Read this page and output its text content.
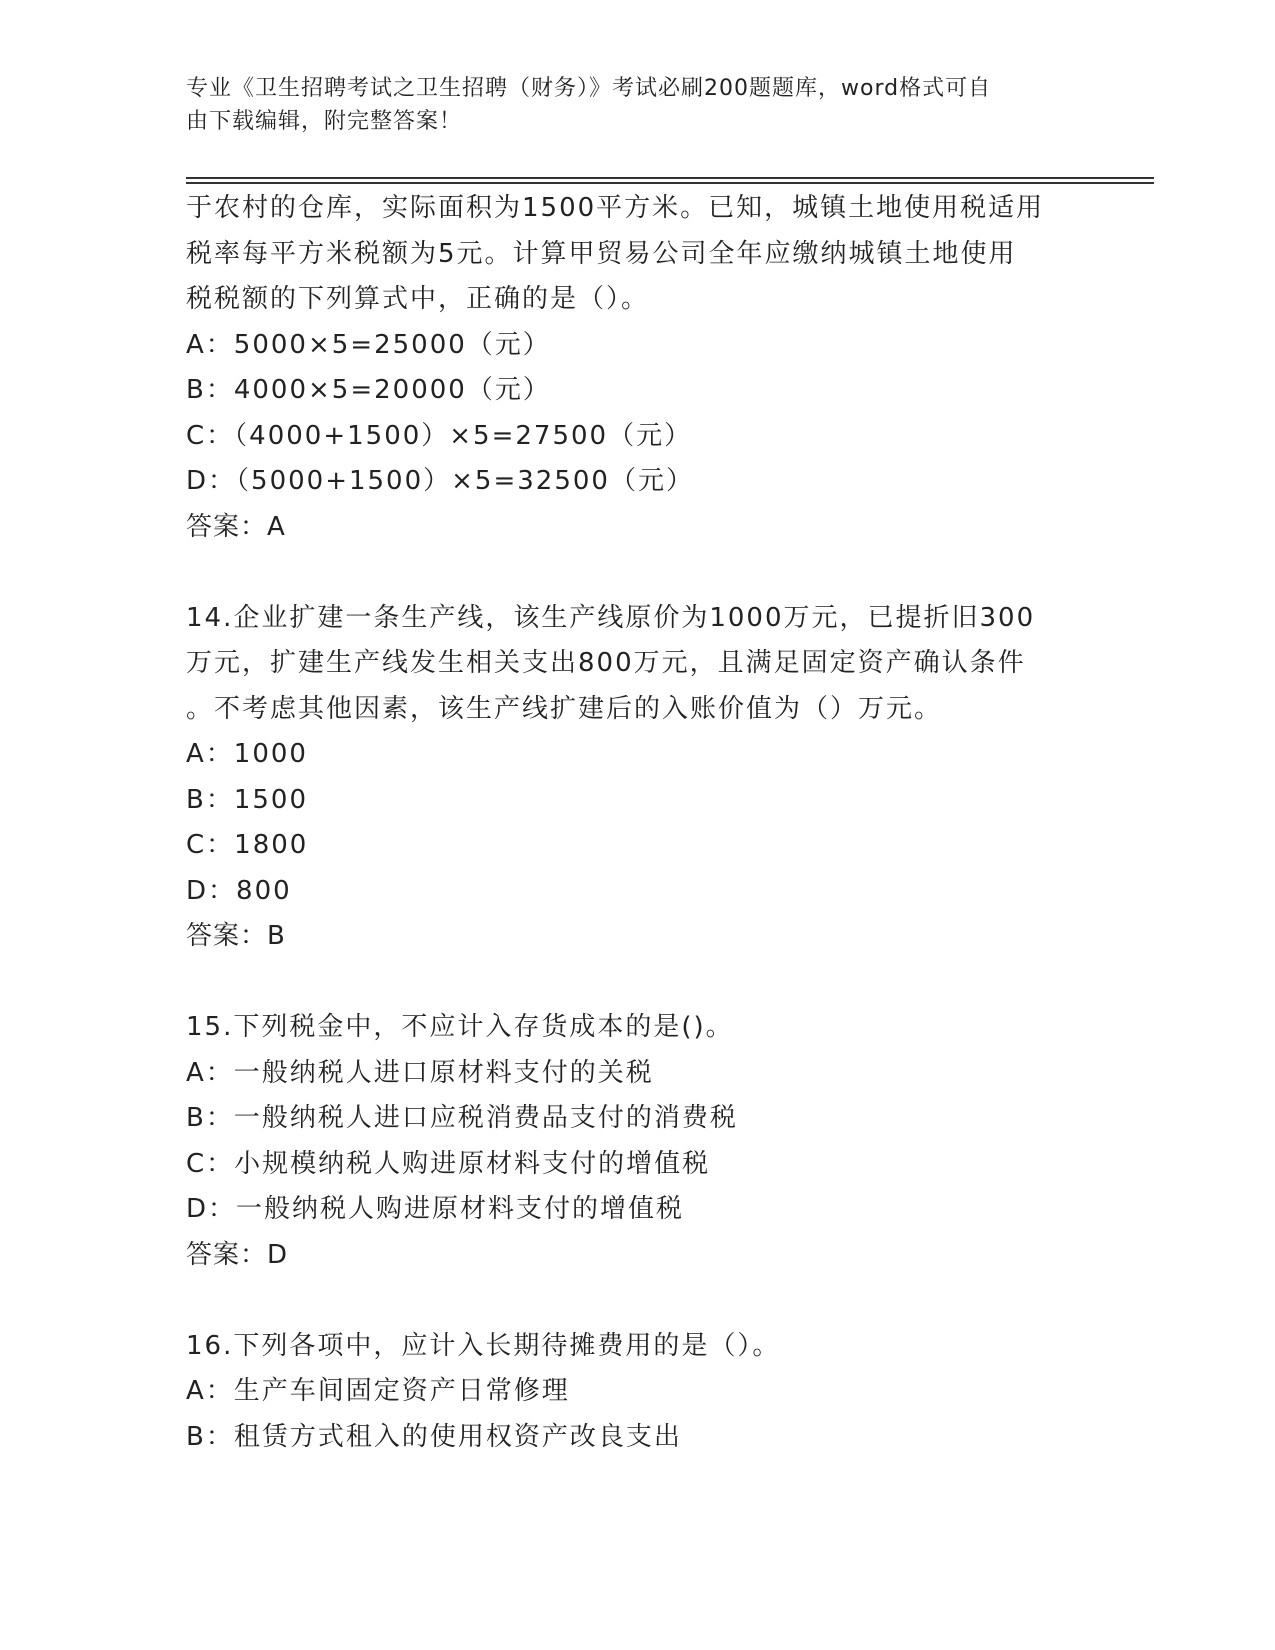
专业《卫生招聘考试之卫生招聘（财务）》考试必刷200题题库，word格式可自
由下载编辑，附完整答案！
于农村的仓库，实际面积为1500平方米。已知，城镇土地使用税适用
税率每平方米税额为5元。计算甲贸易公司全年应缴纳城镇土地使用
税税额的下列算式中，正确的是（）。
A：5000×5=25000（元）
B：4000×5=20000（元）
C：（4000+1500）×5=27500（元）
D：（5000+1500）×5=32500（元）
答案：A
14.企业扩建一条生产线，该生产线原价为1000万元，已提折旧300
万元，扩建生产线发生相关支出800万元，且满足固定资产确认条件
。不考虑其他因素，该生产线扩建后的入账价值为（）万元。
A：1000
B：1500
C：1800
D：800
答案：B
15.下列税金中，不应计入存货成本的是()。
A：一般纳税人进口原材料支付的关税
B：一般纳税人进口应税消费品支付的消费税
C：小规模纳税人购进原材料支付的增值税
D：一般纳税人购进原材料支付的增值税
答案：D
16.下列各项中，应计入长期待摊费用的是（）。
A：生产车间固定资产日常修理
B：租赁方式租入的使用权资产改良支出
